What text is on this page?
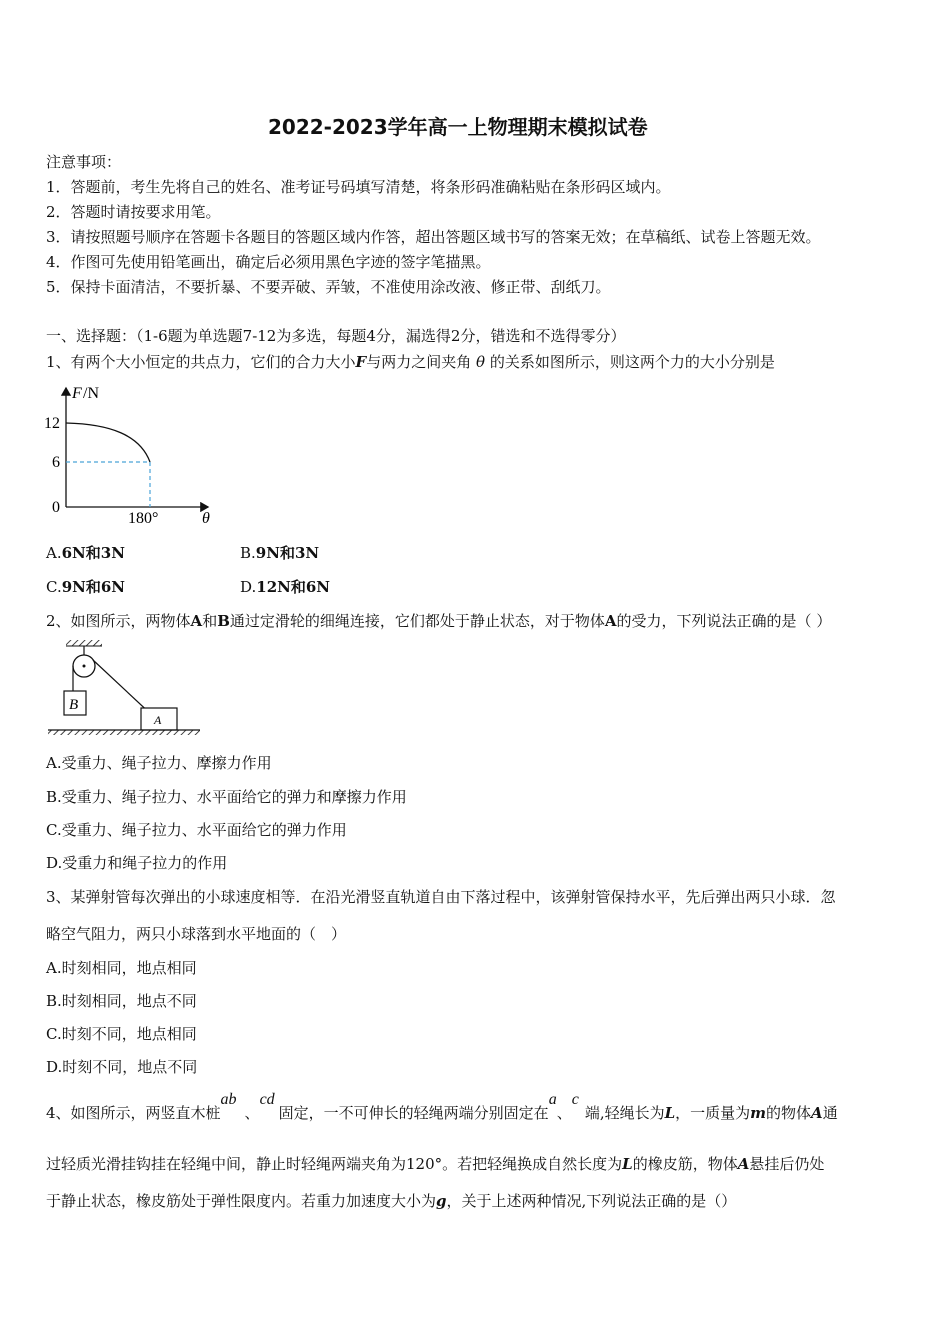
2022-2023学年高一上物理期末模拟试卷
注意事项：
1．答题前，考生先将自己的姓名、准考证号码填写清楚，将条形码准确粘贴在条形码区域内。
2．答题时请按要求用笔。
3．请按照题号顺序在答题卡各题目的答题区域内作答，超出答题区域书写的答案无效；在草稿纸、试卷上答题无效。
4．作图可先使用铅笔画出，确定后必须用黑色字迹的签字笔描黑。
5．保持卡面清洁，不要折暴、不要弄破、弄皱，不准使用涂改液、修正带、刮纸刀。
一、选择题：（1-6题为单选题7-12为多选，每题4分，漏选得2分，错选和不选得零分）
1、有两个大小恒定的共点力，它们的合力大小F与两力之间夹角 θ 的关系如图所示，则这两个力的大小分别是
F /N
12
6
0
180°	θ
A.6N和3N	B.9N和3N
C.9N和6N	D.12N和6N
2、如图所示，两物体A和B通过定滑轮的细绳连接，它们都处于静止状态，对于物体A的受力，下列说法正确的是（ ）
B
A
A.受重力、绳子拉力、摩擦力作用
B.受重力、绳子拉力、水平面给它的弹力和摩擦力作用
C.受重力、绳子拉力、水平面给它的弹力作用
D.受重力和绳子拉力的作用
3、某弹射管每次弹出的小球速度相等．在沿光滑竖直轨道自由下落过程中，该弹射管保持水平，先后弹出两只小球．忽
略空气阻力，两只小球落到水平地面的（　）
A.时刻相同，地点相同
B.时刻相同，地点不同
C.时刻不同，地点相同
D.时刻不同，地点不同
4、如图所示，两竖直木桩ab、cd固定，一不可伸长的轻绳两端分别固定在a、c端,轻绳长为L，一质量为m的物体A通
过轻质光滑挂钩挂在轻绳中间，静止时轻绳两端夹角为120°。若把轻绳换成自然长度为L的橡皮筋，物体A悬挂后仍处
于静止状态，橡皮筋处于弹性限度内。若重力加速度大小为g，关于上述两种情况,下列说法正确的是（）
